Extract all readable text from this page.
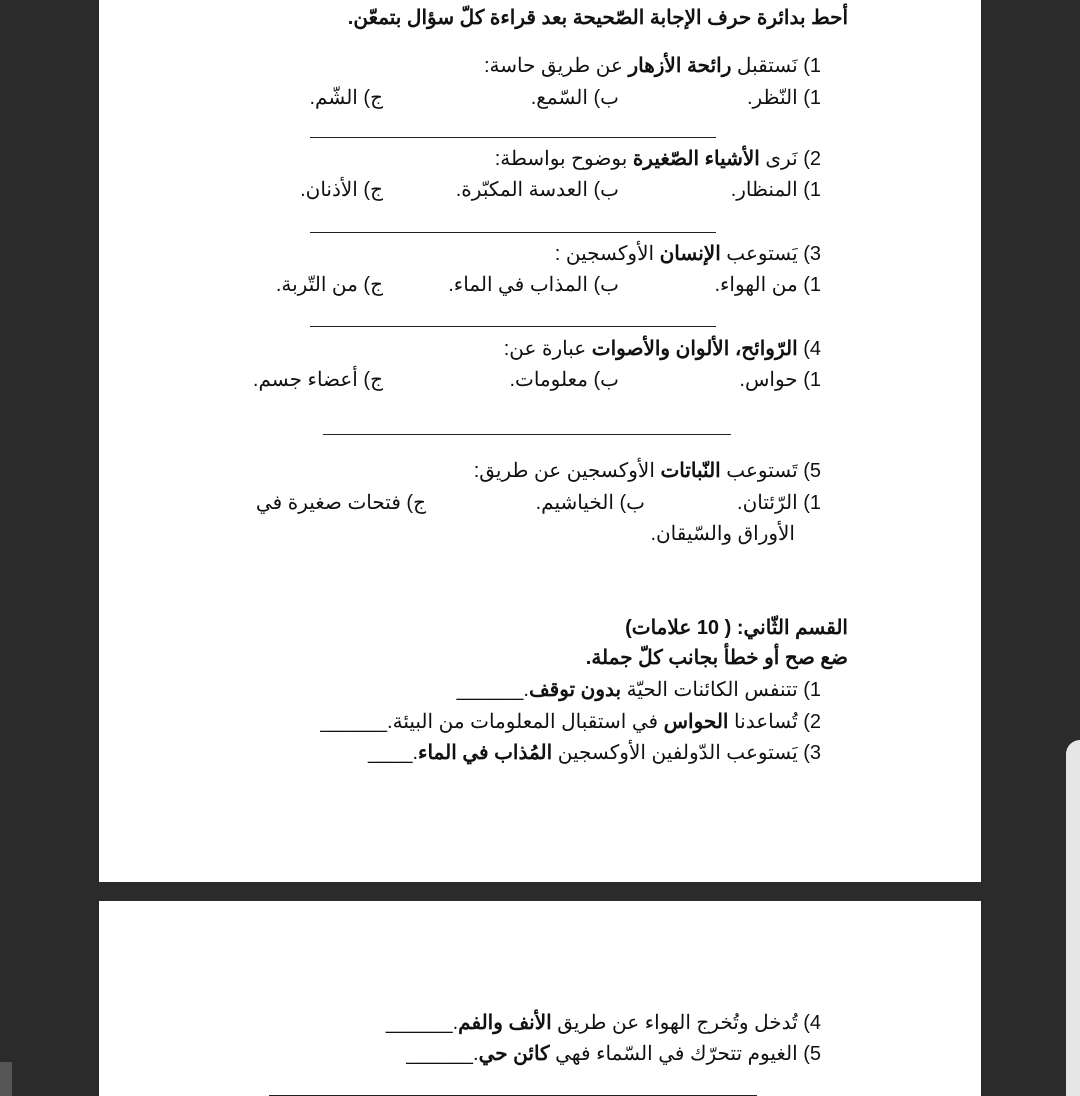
أحط بدائرة حرف الإجابة الصّحيحة بعد قراءة كلّ سؤال بتمعّن.
1) نَستقبل رائحة الأزهار عن طريق حاسة:
1) النّظر.
ب) السّمع.
ج) الشّم.
2) نَرى الأشياء الصّغيرة بوضوح بواسطة:
1) المنظار.
ب) العدسة المكبّرة.
ج) الأذنان.
3) يَستوعب الإنسان الأوكسجين :
1) من الهواء.
ب) المذاب في الماء.
ج) من التّربة.
4) الرّوائح، الألوان والأصوات عبارة عن:
1) حواس.
ب) معلومات.
ج) أعضاء جسم.
5) تَستوعب النّباتات الأوكسجين عن طريق:
1) الرّئتان.
ب) الخياشيم.
ج) فتحات صغيرة في
الأوراق والسّيقان.
القسم الثّاني: ( 10 علامات)
ضع صح أو خطأ بجانب كلّ جملة.
1) تتنفس الكائنات الحيّة بدون توقف.______
2) تُساعدنا الحواس في استقبال المعلومات من البيئة.______
3) يَستوعب الدّولفين الأوكسجين المُذاب في الماء.____
4) تُدخل وتُخرج الهواء عن طريق الأنف والفم.______
5) الغيوم تتحرّك في السّماء فهي كائن حي.______
